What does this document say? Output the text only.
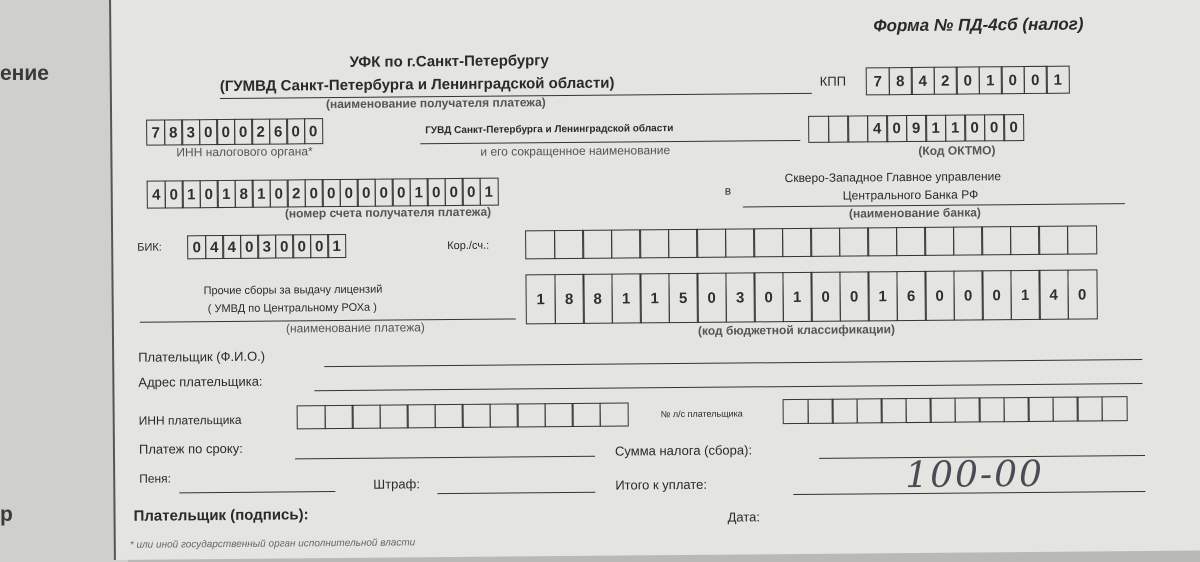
ение
р
Форма № ПД-4сб (налог)
УФК по г.Санкт-Петербургу
(ГУМВД Санкт-Петербурга и Ленинградской области)
(наименование получателя платежа)
КПП	7 8 4 2 0 1 0 0 1
7 8 3 0 0 0 2 6 0 0
ИНН налогового органа*
ГУВД Санкт-Петербурга и Ленинградской области
и его сокращенное наименование
4 0 9 1 1 0 0 0
(Код ОКТМО)
4 0 1 0 1 8 1 0 2 0 0 0 0 0 0 1 0 0 0 1
(номер счета получателя платежа)
в
Скверо-Западное Главное управление
Центрального Банка РФ
(наименование банка)
БИК:	0 4 4 0 3 0 0 0 1	Кор./сч.:
Прочие сборы за выдачу лицензий
( УМВД по Центральному РОХа )
(наименование платежа)
1	8	8	1	1	5	0	3	0	1	0	0	1	6	0	0	0	1	4	0
(код бюджетной классификации)
Плательщик (Ф.И.О.)
Адрес плательщика:
ИНН плательщика	№ л/с плательщика
Платеж по сроку:	Сумма налога (сбора):
Пеня:	Штраф:	Итого к уплате:	100-00
Плательщик (подпись):	Дата:
* или иной государственный орган исполнительной власти
